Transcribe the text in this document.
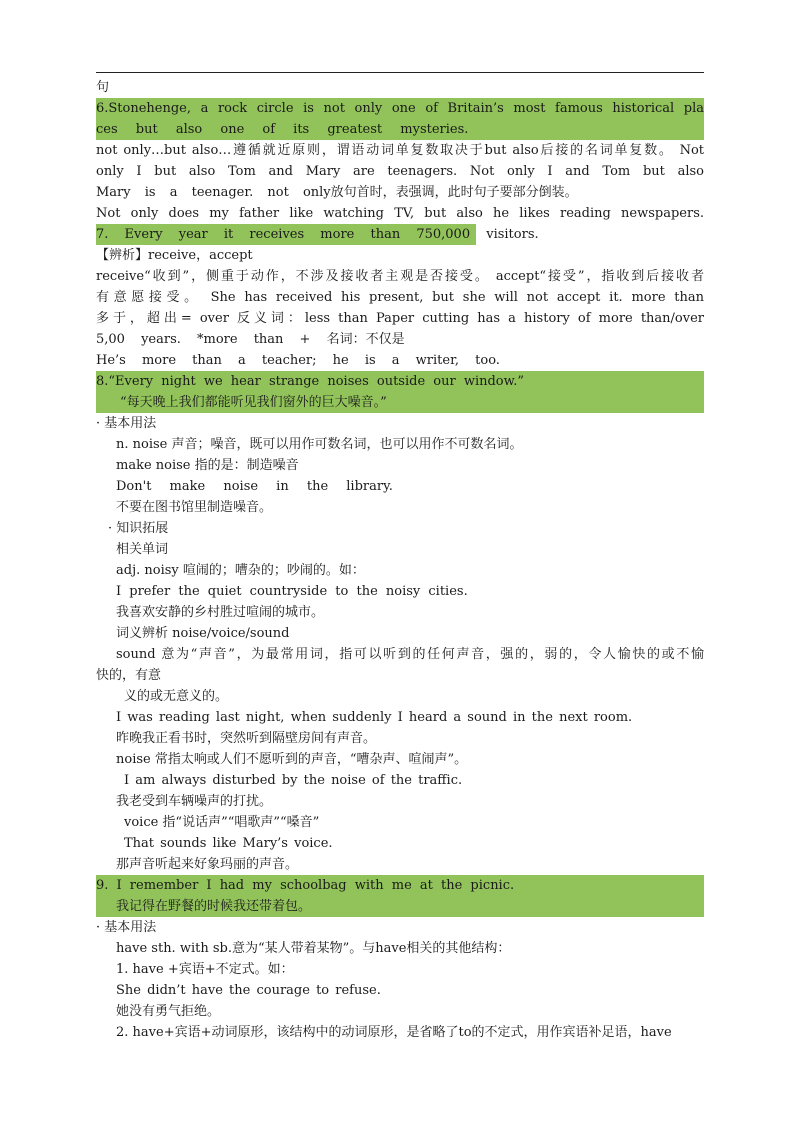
句
6.Stonehenge, a rock circle is not only one of Britain’s most famous historical pla
ces but also one of its greatest mysteries.
not only…but also…遵循就近原则，谓语动词单复数取决于but also后接的名词单复数。 Not
only I but also Tom and Mary are teenagers. Not only I and Tom but also
Mary is a teenager. not only放句首时，表强调，此时句子要部分倒装。
Not only does my father like watching TV, but also he likes reading newspapers.
7. Every year it receives more than 750,000 visitors.
【辨析】receive，accept
receive“收到”，侧重于动作，不涉及接收者主观是否接受。 accept“接受”，指收到后接收者
有意愿接受。 She has received his present, but she will not accept it. more than
多于，超出= over 反义词：less than Paper cutting has a history of more than/over
5,00 years. *more than + 名词：不仅是
He’s more than a teacher; he is a writer, too.
8.“Every night we hear strange noises outside our window.”
“每天晚上我们都能听见我们窗外的巨大噪音。”
· 基本用法
n. noise 声音；噪音，既可以用作可数名词，也可以用作不可数名词。
make noise 指的是：制造噪音
Don't make noise in the library.
不要在图书馆里制造噪音。
· 知识拓展
相关单词
adj. noisy 喧闹的；嘈杂的；吵闹的。如：
I prefer the quiet countryside to the noisy cities.
我喜欢安静的乡村胜过喧闹的城市。
词义辨析 noise/voice/sound
sound 意为“声音”，为最常用词，指可以听到的任何声音，强的，弱的，令人愉快的或不愉
快的，有意
义的或无意义的。
I was reading last night, when suddenly I heard a sound in the next room.
昨晚我正看书时，突然听到隔壁房间有声音。
noise 常指太响或人们不愿听到的声音，“嘈杂声、喧闹声”。
I am always disturbed by the noise of the traffic.
我老受到车辆噪声的打扰。
voice 指“说话声”“唱歌声”“嗓音”
That sounds like Mary’s voice.
那声音听起来好象玛丽的声音。
9. I remember I had my schoolbag with me at the picnic.
我记得在野餐的时候我还带着包。
· 基本用法
have sth. with sb.意为“某人带着某物”。与have相关的其他结构：
1. have +宾语+不定式。如：
She didn’t have the courage to refuse.
她没有勇气拒绝。
2. have+宾语+动词原形，该结构中的动词原形，是省略了to的不定式，用作宾语补足语，have
